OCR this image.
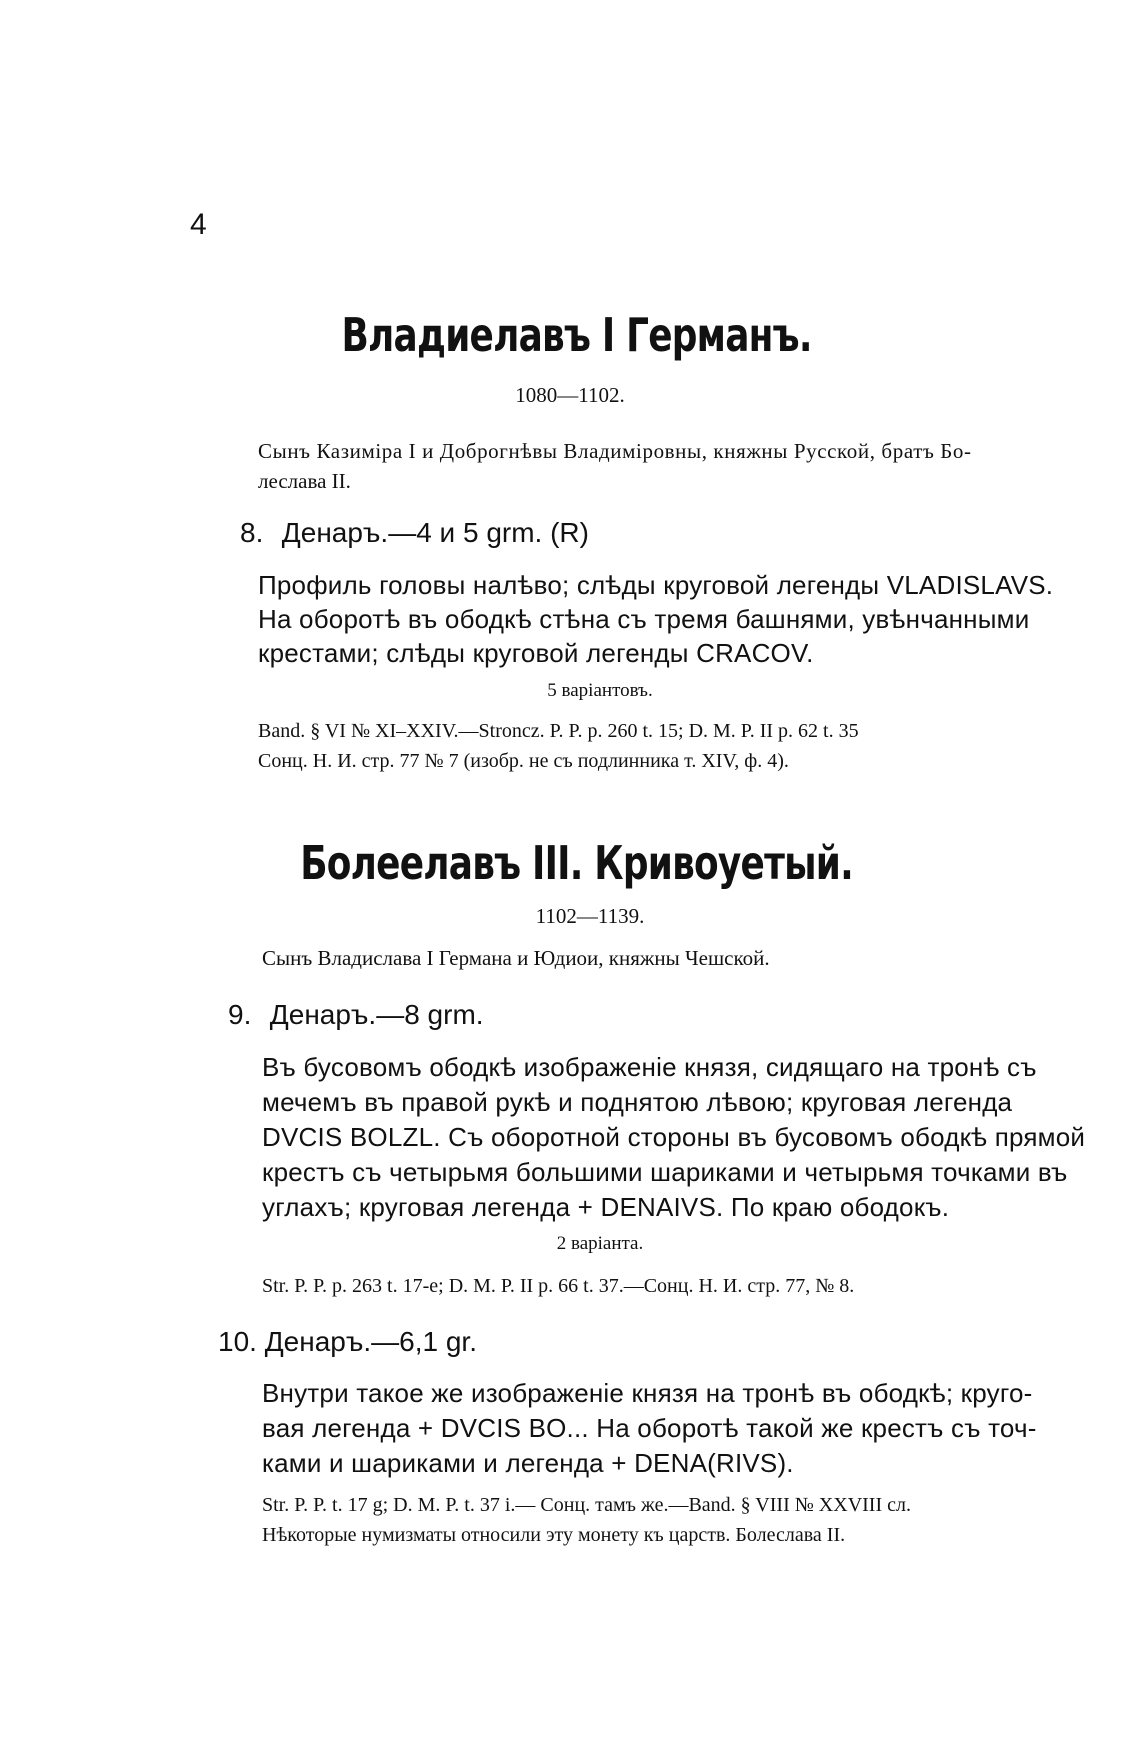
4
Владиелавъ I Германъ.
1080—1102.
Сынъ Казиміра I и Доброгнѣвы Владиміровны, княжны Русской, братъ Бо-
леслава II.
8. Денаръ.—4 и 5 grm. (R)
Профиль головы налѣво; слѣды круговой легенды VLADISLAVS.
На оборотѣ въ ободкѣ стѣна съ тремя башнями, увѣнчанными
крестами; слѣды круговой легенды CRACOV.
5 варіантовъ.
Band. § VI № XI–XXIV.—Stroncz. P. P. p. 260 t. 15; D. M. P. II p. 62 t. 35
Сонц. Н. И. стр. 77 № 7 (изобр. не съ подлинника т. XIV, ф. 4).
Болеелавъ III. Кривоуетый.
1102—1139.
Сынъ Владислава I Германа и Юдиои, княжны Чешской.
9. Денаръ.—8 grm.
Въ бусовомъ ободкѣ изображеніе князя, сидящаго на тронѣ съ
мечемъ въ правой рукѣ и поднятою лѣвою; круговая легенда
DVCIS BOLZL. Съ оборотной стороны въ бусовомъ ободкѣ прямой
крестъ съ четырьмя большими шариками и четырьмя точками въ
углахъ; круговая легенда + DENAIVS. По краю ободокъ.
2 варіанта.
Str. P. P. p. 263 t. 17-e; D. M. P. II p. 66 t. 37.—Сонц. Н. И. стр. 77, № 8.
10. Денаръ.—6,1 gr.
Внутри такое же изображеніе князя на тронѣ въ ободкѣ; круго-
вая легенда + DVCIS BO... На оборотѣ такой же крестъ съ точ-
ками и шариками и легенда + DENA(RIVS).
Str. P. P. t. 17 g; D. M. P. t. 37 i.— Сонц. тамъ же.—Band. § VIII № XXVIII сл.
Нѣкоторые нумизматы относили эту монету къ царств. Болеслава II.
